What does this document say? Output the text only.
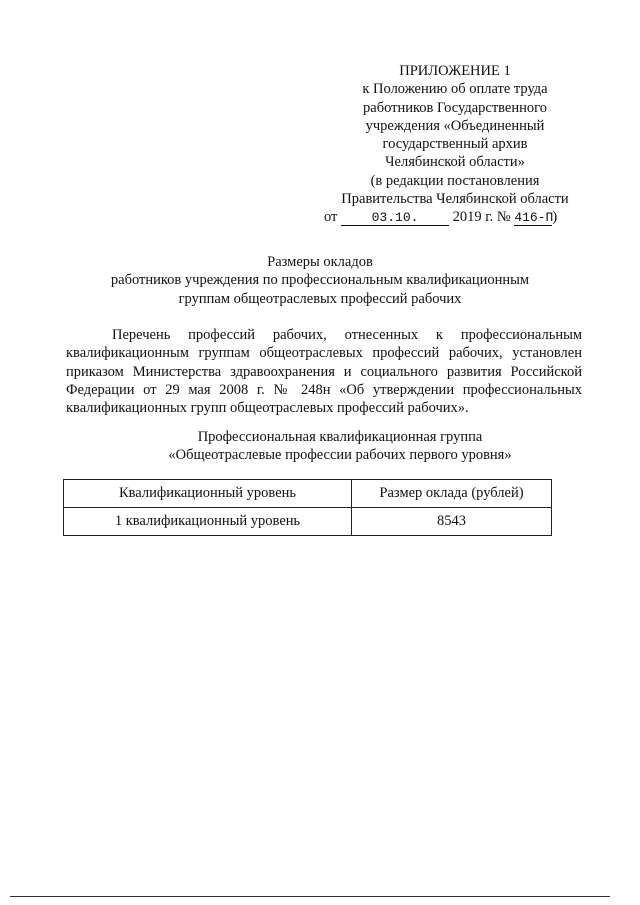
ПРИЛОЖЕНИЕ 1
к Положению об оплате труда
работников Государственного
учреждения «Объединенный
государственный архив
Челябинской области»
(в редакции постановления
Правительства Челябинской области
от	03.10. 2019 г. № 416-П)
Размеры окладов
работников учреждения по профессиональным квалификационным
группам общеотраслевых профессий рабочих
Перечень профессий рабочих, отнесенных к профессиональным квалификационным группам общеотраслевых профессий рабочих, установлен приказом Министерства здравоохранения и социального развития Российской Федерации от 29 мая 2008 г. № 248н «Об утверждении профессиональных квалификационных групп общеотраслевых профессий рабочих».
Профессиональная квалификационная группа
«Общеотраслевые профессии рабочих первого уровня»
Квалификационный уровень	Размер оклада (рублей)
1 квалификационный уровень	8543
